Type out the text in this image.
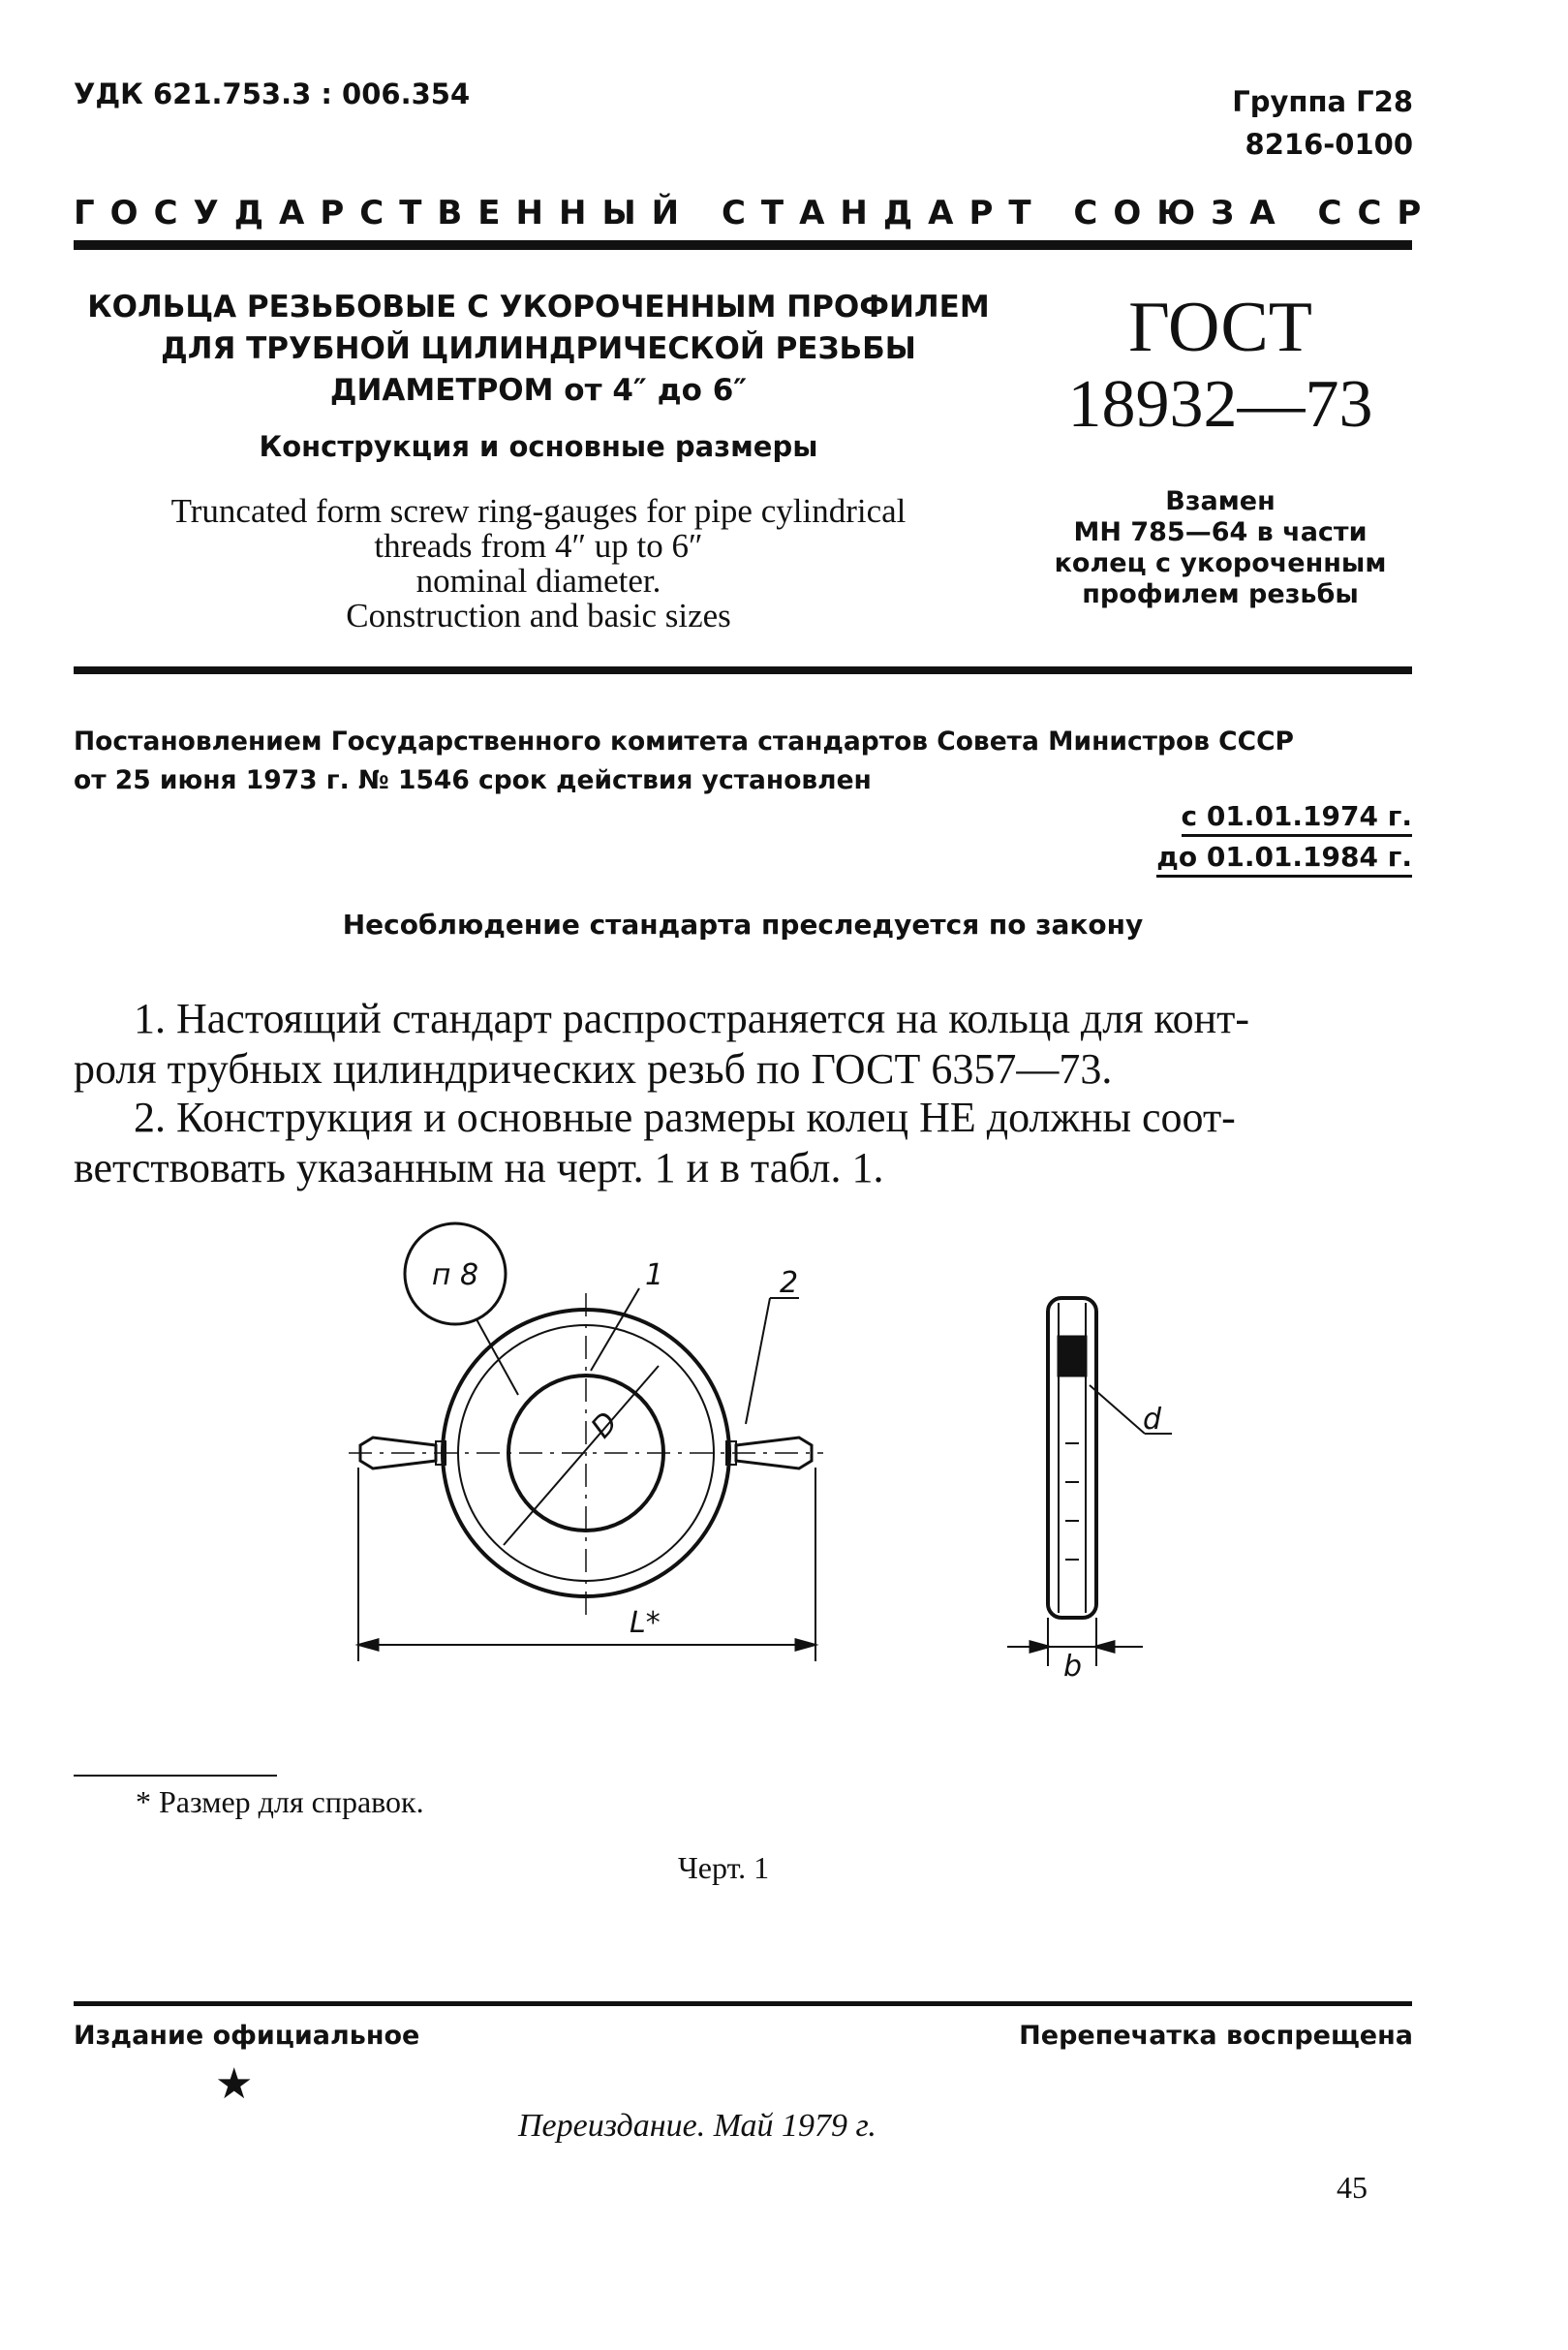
УДК 621.753.3 : 006.354	Группа Г28
8216-0100
ГОСУДАРСТВЕННЫЙ СТАНДАРТ СОЮЗА ССР
КОЛЬЦА РЕЗЬБОВЫЕ С УКОРОЧЕННЫМ ПРОФИЛЕМ
ДЛЯ ТРУБНОЙ ЦИЛИНДРИЧЕСКОЙ РЕЗЬБЫ
ДИАМЕТРОМ от 4″ до 6″
Конструкция и основные размеры
Truncated form screw ring-gauges for pipe cylindrical
threads from 4″ up to 6″
nominal diameter.
Construction and basic sizes
ГОСТ
18932—73
Взамен
МН 785—64 в части
колец с укороченным
профилем резьбы
Постановлением Государственного комитета стандартов Совета Министров СССР
от 25 июня 1973 г. № 1546 срок действия установлен
с 01.01.1974 г.
до 01.01.1984 г.
Несоблюдение стандарта преследуется по закону
1. Настоящий стандарт распространяется на кольца для конт-
роля трубных цилиндрических резьб по ГОСТ 6357—73.
2. Конструкция и основные размеры колец НЕ должны соот-
ветствовать указанным на черт. 1 и в табл. 1.
п 8	1	2
D
L*
d
b
* Размер для справок.
Черт. 1
Издание официальное	Перепечатка воспрещена
★
Переиздание. Май 1979 г.
45
